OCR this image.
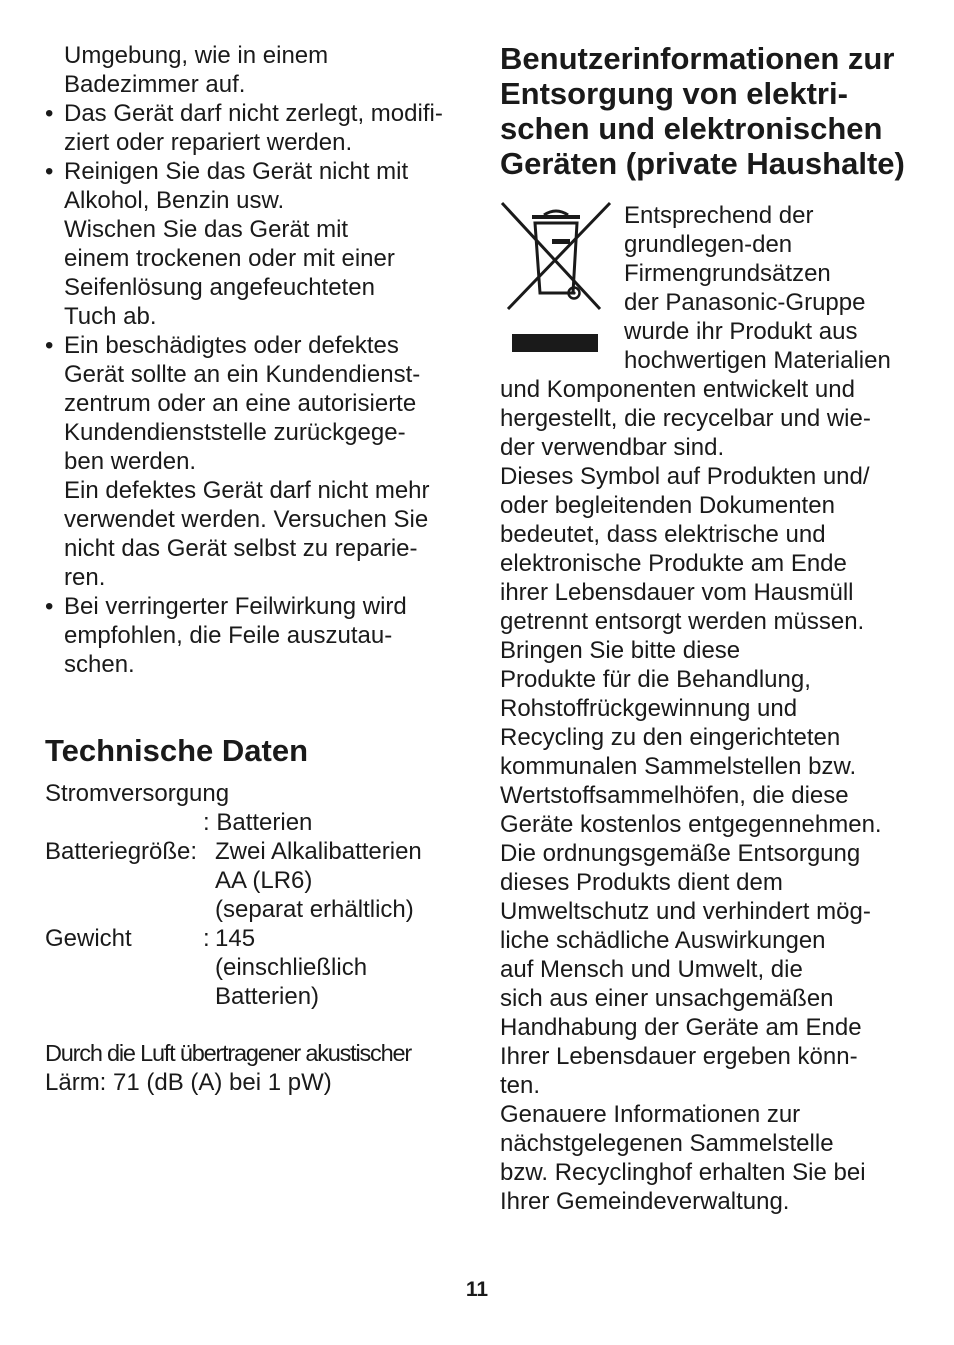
Umgebung, wie in einem

Badezimmer auf.

• Das Gerät darf nicht zerlegt, modifi-

ziert oder repariert werden.

• Reinigen Sie das Gerät nicht mit

Alkohol, Benzin usw.

Wischen Sie das Gerät mit

einem trockenen oder mit einer

Seifenlösung angefeuchteten

Tuch ab.

• Ein beschädigtes oder defektes

Gerät sollte an ein Kundendienst-

zentrum oder an eine autorisierte

Kundendienststelle zurückgege-

ben werden.

Ein defektes Gerät darf nicht mehr

verwendet werden. Versuchen Sie

nicht das Gerät selbst zu reparie-

ren.

• Bei verringerter Feilwirkung wird

empfohlen, die Feile auszutau-

schen.

Technische Daten
Stromversorgung
: Batterien
Batteriegröße: Zwei Alkalibatterien
AA (LR6)
(separat erhältlich)
Gewicht	: 145
(einschließlich
Batterien)
Durch die Luft übertragener akustischer
Lärm: 71 (dB (A) bei 1 pW)
Benutzerinformationen zur
Entsorgung von elektri-
schen und elektronischen
Geräten (private Haushalte)

Entsprechend der

grundlegen-den

Firmengrundsätzen

der Panasonic-Gruppe

wurde ihr Produkt aus

hochwertigen Materialien

und Komponenten entwickelt und

hergestellt, die recycelbar und wie-

der verwendbar sind.

Dieses Symbol auf Produkten und/

oder begleitenden Dokumenten

bedeutet, dass elektrische und

elektronische Produkte am Ende

ihrer Lebensdauer vom Hausmüll

getrennt entsorgt werden müssen.

Bringen Sie bitte diese

Produkte für die Behandlung,

Rohstoffrückgewinnung und

Recycling zu den eingerichteten

kommunalen Sammelstellen bzw.

Wertstoffsammelhöfen, die diese

Geräte kostenlos entgegennehmen.

Die ordnungsgemäße Entsorgung

dieses Produkts dient dem

Umweltschutz und verhindert mög-

liche schädliche Auswirkungen

auf Mensch und Umwelt, die

sich aus einer unsachgemäßen

Handhabung der Geräte am Ende

Ihrer Lebensdauer ergeben könn-

ten.

Genauere Informationen zur

nächstgelegenen Sammelstelle

bzw. Recyclinghof erhalten Sie bei

Ihrer Gemeindeverwaltung.

11
